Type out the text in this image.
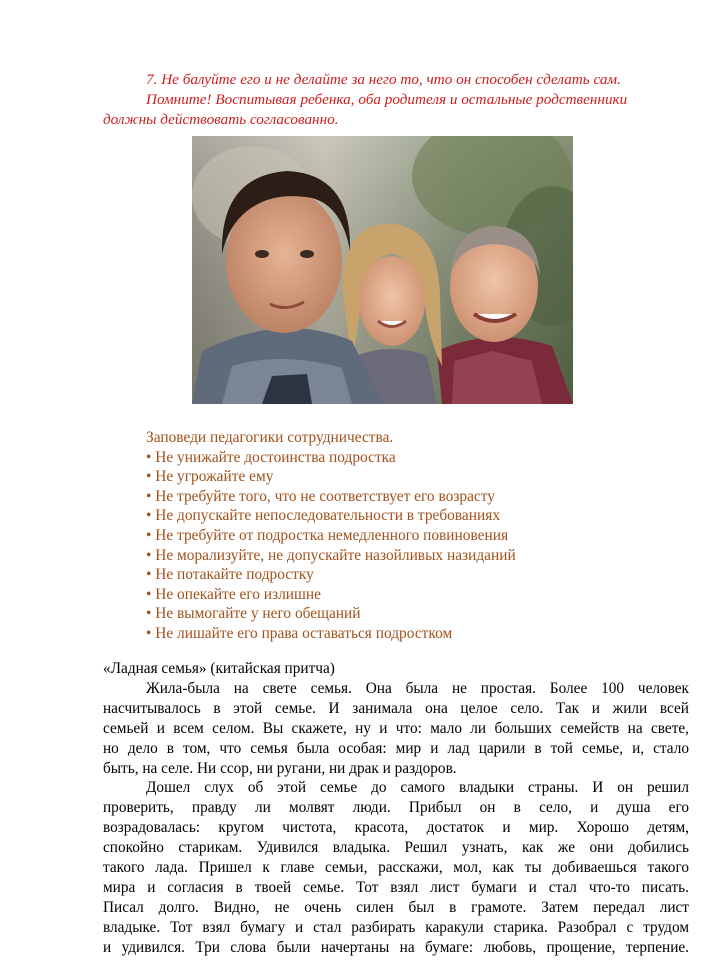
7. Не балуйте его и не делайте за него то, что он способен сделать сам.
Помните! Воспитывая ребенка, оба родителя и остальные родственники
должны действовать согласованно.
Заповеди педагогики сотрудничества.
• Не унижайте достоинства подростка
• Не угрожайте ему
• Не требуйте того, что не соответствует его возрасту
• Не допускайте непоследовательности в требованиях
• Не требуйте от подростка немедленного повиновения
• Не морализуйте, не допускайте назойливых назиданий
• Не потакайте подростку
• Не опекайте его излишне
• Не вымогайте у него обещаний
• Не лишайте его права оставаться подростком
«Ладная семья» (китайская притча)
Жила-была на свете семья. Она была не простая. Более 100 человек
насчитывалось в этой семье. И занимала она целое село. Так и жили всей
семьей и всем селом. Вы скажете, ну и что: мало ли больших семейств на свете,
но дело в том, что семья была особая: мир и лад царили в той семье, и, стало
быть, на селе. Ни ссор, ни ругани, ни драк и раздоров.
Дошел слух об этой семье до самого владыки страны. И он решил
проверить, правду ли молвят люди. Прибыл он в село, и душа его
возрадовалась: кругом чистота, красота, достаток и мир. Хорошо детям,
спокойно старикам. Удивился владыка. Решил узнать, как же они добились
такого лада. Пришел к главе семьи, расскажи, мол, как ты добиваешься такого
мира и согласия в твоей семье. Тот взял лист бумаги и стал что-то писать.
Писал долго. Видно, не очень силен был в грамоте. Затем передал лист
владыке. Тот взял бумагу и стал разбирать каракули старика. Разобрал с трудом
и удивился. Три слова были начертаны на бумаге: любовь, прощение, терпение.
